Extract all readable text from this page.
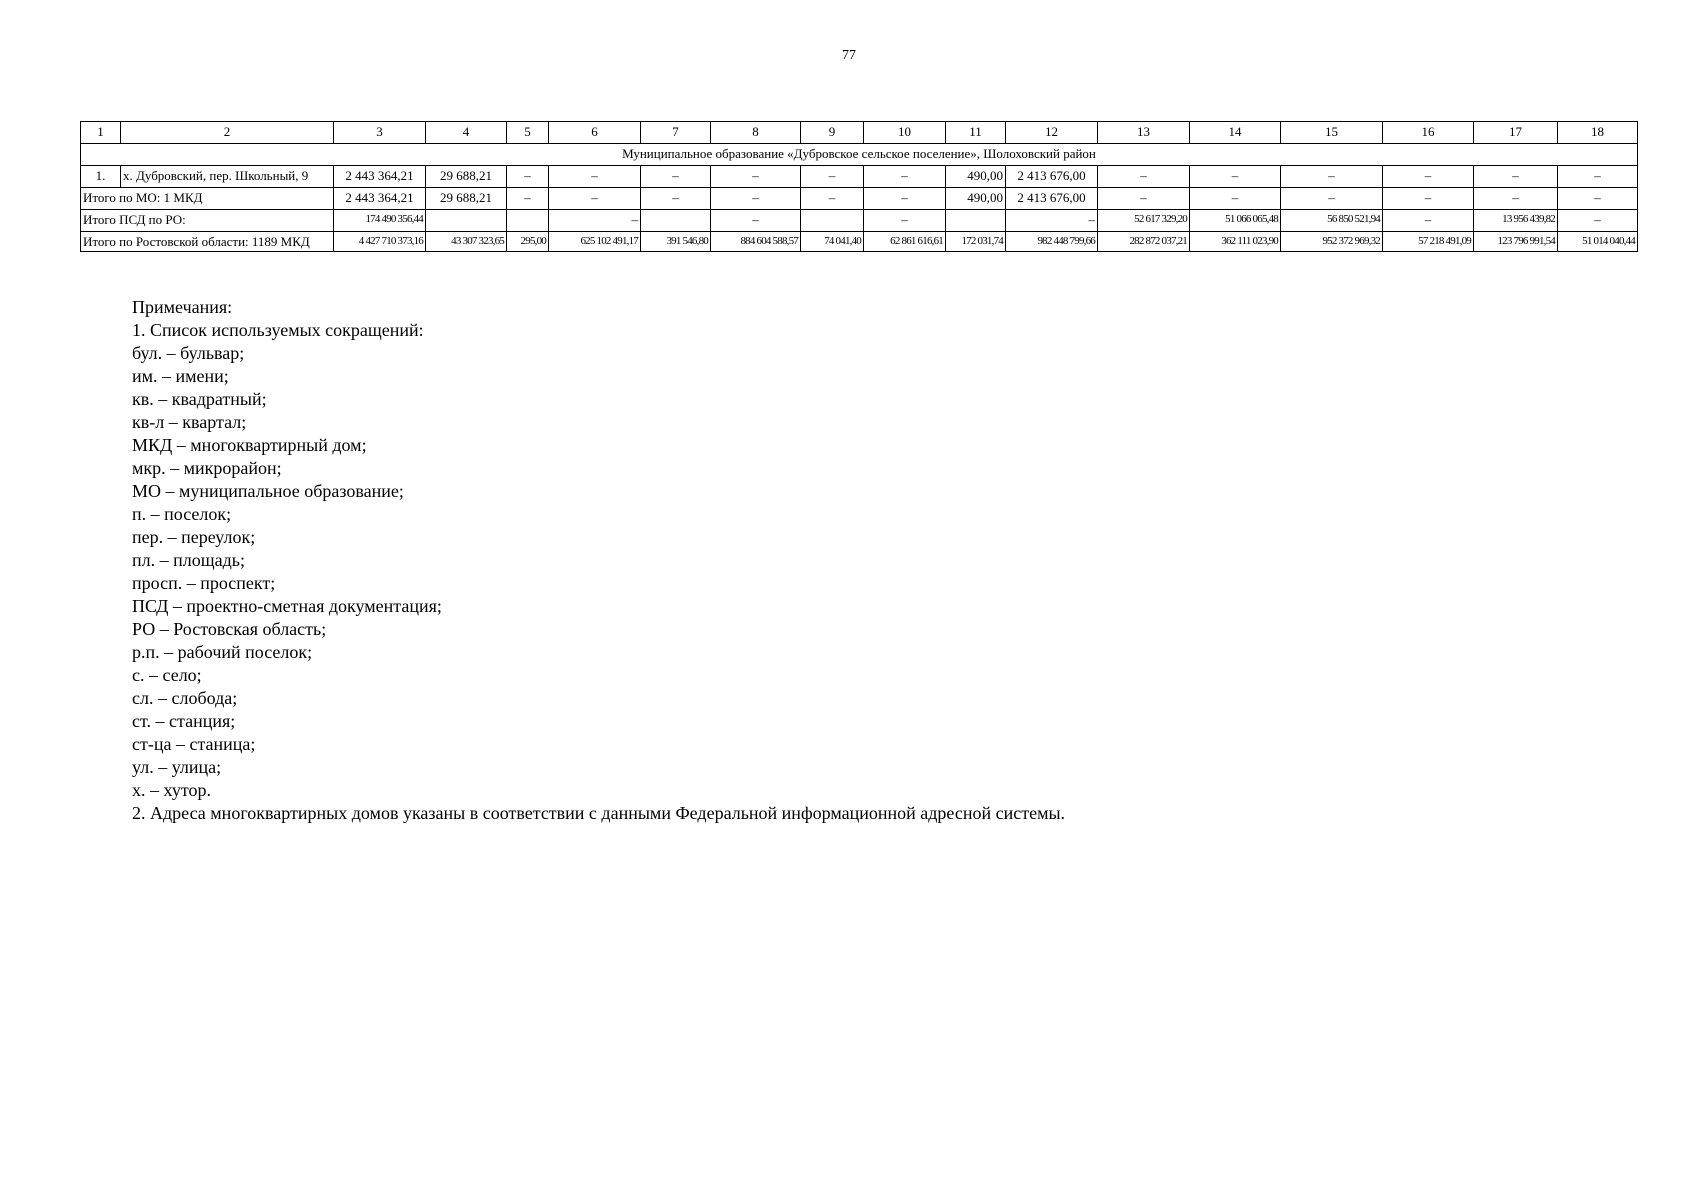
77
1	2	3	4	5	6	7	8	9	10	11	12	13	14	15	16	17	18
Муниципальное образование «Дубровское сельское поселение», Шолоховский район																	
1.	х. Дубровский, пер. Школьный, 9	2 443 364,21	29 688,21	–	–	–	–	–	–	490,00	2 413 676,00	–	–	–	–	–	–
Итого по МО: 1 МКД		2 443 364,21	29 688,21	–	–	–	–	–	–	490,00	2 413 676,00	–	–	–	–	–	–
Итого ПСД по РО:		174 490 356,44			–		–		–		–	52 617 329,20	51 066 065,48	56 850 521,94	–	13 956 439,82	–
Итого по Ростовской области: 1189 МКД		4 427 710 373,16	43 307 323,65	295,00	625 102 491,17	391 546,80	884 604 588,57	74 041,40	62 861 616,61	172 031,74	982 448 799,66	282 872 037,21	362 111 023,90	952 372 969,32	57 218 491,09	123 796 991,54	51 014 040,44
Примечания:
1. Список используемых сокращений:
бул. – бульвар;
им. – имени;
кв. – квадратный;
кв-л – квартал;
МКД – многоквартирный дом;
мкр. – микрорайон;
МО – муниципальное образование;
п. – поселок;
пер. – переулок;
пл. – площадь;
просп. – проспект;
ПСД – проектно-сметная документация;
РО – Ростовская область;
р.п. – рабочий поселок;
с. – село;
сл. – слобода;
ст. – станция;
ст-ца – станица;
ул. – улица;
х. – хутор.
2. Адреса многоквартирных домов указаны в соответствии с данными Федеральной информационной адресной системы.
